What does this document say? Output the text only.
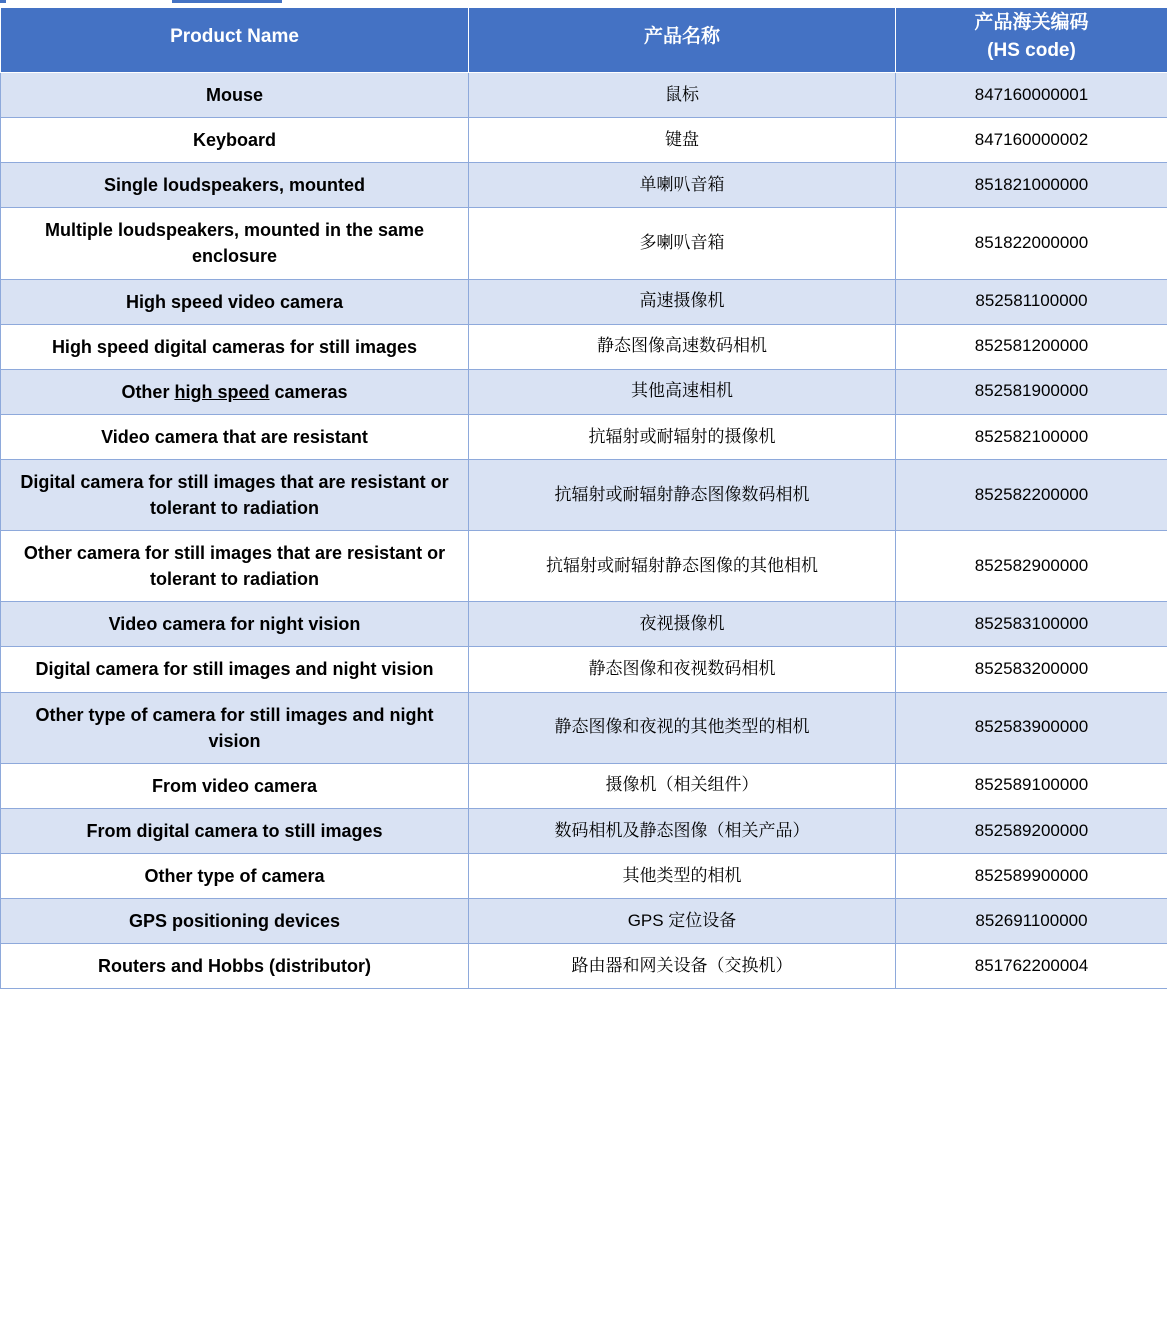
Product Name	产品名称	产品海关编码
(HS code)

Mouse	鼠标	847160000001
Keyboard	键盘	847160000002
Single loudspeakers, mounted	单喇叭音箱	851821000000
Multiple loudspeakers, mounted in the same enclosure	多喇叭音箱	851822000000
High speed video camera	高速摄像机	852581100000
High speed digital cameras for still images	静态图像高速数码相机	852581200000
Other high speed cameras	其他高速相机	852581900000
Video camera that are resistant	抗辐射或耐辐射的摄像机	852582100000
Digital camera for still images that are resistant or tolerant to radiation	抗辐射或耐辐射静态图像数码相机	852582200000
Other camera for still images that are resistant or tolerant to radiation	抗辐射或耐辐射静态图像的其他相机	852582900000
Video camera for night vision	夜视摄像机	852583100000
Digital camera for still images and night vision	静态图像和夜视数码相机	852583200000
Other type of camera for still images and night vision	静态图像和夜视的其他类型的相机	852583900000
From video camera	摄像机（相关组件）	852589100000
From digital camera to still images	数码相机及静态图像（相关产品）	852589200000
Other type of camera	其他类型的相机	852589900000
GPS positioning devices	GPS 定位设备	852691100000
Routers and Hobbs (distributor)	路由器和网关设备（交换机）	851762200004
